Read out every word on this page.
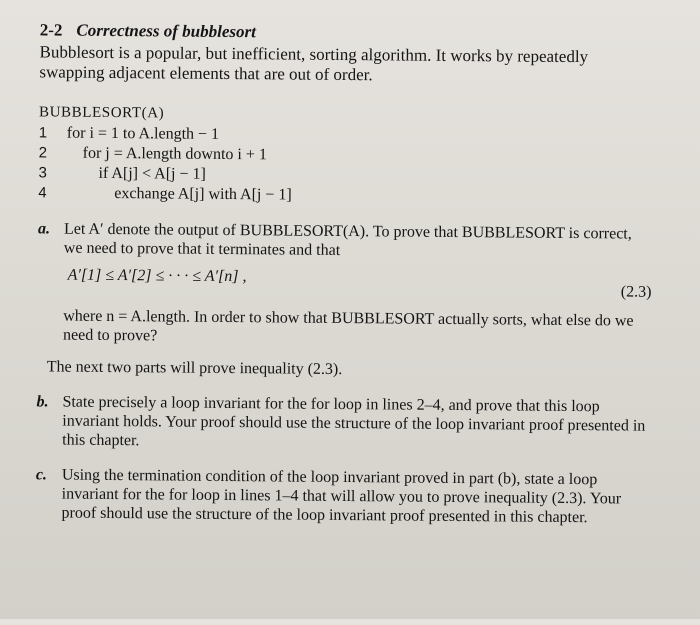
2-2 Correctness of bubblesort
Bubblesort is a popular, but inefficient, sorting algorithm. It works by repeatedly swapping adjacent elements that are out of order.
BUBBLESORT(A)
1	for i = 1 to A.length − 1
2
	for j = A.length downto i + 1
3
	if A[j] < A[j − 1]
4
	exchange A[j] with A[j − 1]
a. Let A′ denote the output of BUBBLESORT(A). To prove that BUBBLESORT is correct, we need to prove that it terminates and that
A′[1] ≤ A′[2] ≤ · · · ≤ A′[n] ,
(2.3)
where n = A.length. In order to show that BUBBLESORT actually sorts, what else do we need to prove?
The next two parts will prove inequality (2.3).
b. State precisely a loop invariant for the for loop in lines 2–4, and prove that this loop invariant holds. Your proof should use the structure of the loop invariant proof presented in this chapter.
c. Using the termination condition of the loop invariant proved in part (b), state a loop invariant for the for loop in lines 1–4 that will allow you to prove inequality (2.3). Your proof should use the structure of the loop invariant proof presented in this chapter.
